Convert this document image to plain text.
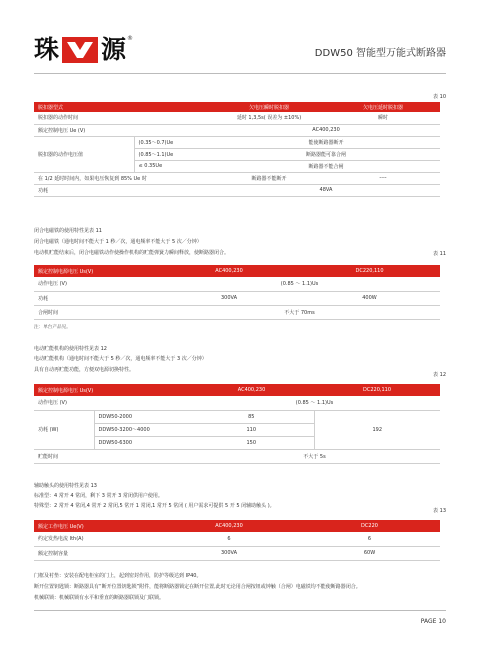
珠 源 ®
DDW50 智能型万能式断路器
表 10
脱扣器型式		欠电压瞬时脱扣器	欠电压延时脱扣器
脱扣器的动作时间		延时 1,3,5s( 误差为 ±10%)	瞬时
额定控制电压 Ue (V)		AC400,230	
脱扣器的动作电压值	(0.35～0.7)Ue	能使断路器断开	
	(0.85～1.1)Ue	断路器能可靠合闸	
	≤ 0.35Ue	断路器不能合闸	
在 1/2 延时时间内，如果电压恢复到 85% Ue 时		断路器不能断开	----
功耗		48VA	
闭合电磁铁的使用特性见表 11
闭合电磁铁（通电时间不能大于 1 秒／次，通电频率不能大于 5 次／分钟）
电动机贮能结束后，闭合电磁铁动作使操作机构的贮能弹簧力瞬间释放，使断路器闭合。	表 11
额定控制电源电压 Us(V)	AC400,230	DC220,110
动作电压 (V)	(0.85 ～ 1.1)Us	
功耗	300VA	400W
合闸时间	不大于 70ms	
注：单台产品见。
电动贮能机构的使用特性见表 12
电动贮能机构（通电时间不能大于 5 秒／次，通电频率不能大于 3 次／分钟）
具有自动再贮能功能，方便双电源切换特性。
表 12
额定控制电源电压 Us(V)		AC400,230	DC220,110
动作电压 (V)		(0.85 ～ 1.1)Us	
功耗 (W)	DDW50-2000	85	192
	DDW50-3200～4000	110	
	DDW50-6300	150	
贮能时间		不大于 5s	
辅助触头的使用特性见表 13
标准型：4 常开 4 常闭，剩下 3 常开 3 常闭供用户使用。
特殊型：2 常开 4 常闭,4 常开 2 常闭,5 常开 1 常闭,1 常开 5 常闭 ( 用户需求可提供 5 开 5 闭辅助触头 )。
表 13
额定工作电压 Ue(V)	AC400,230	DC220
约定发热电流 Ith(A)	6	6
额定控制容量	300VA	60W
门框及衬垫：安装在配电柜室的门上，起到密封作用，防护等级达到 IP40。
断开位置钥匙锁：断路器具有“断开位置钥匙锁”附件，能将断路器锁定在断开位置,此时无论用合闸按钮或钟触（合闸）电磁铁均不能使断路器闭合。
机械联锁：机械联锁有水平和垂直的断路器联锁及门联锁。
PAGE 10
